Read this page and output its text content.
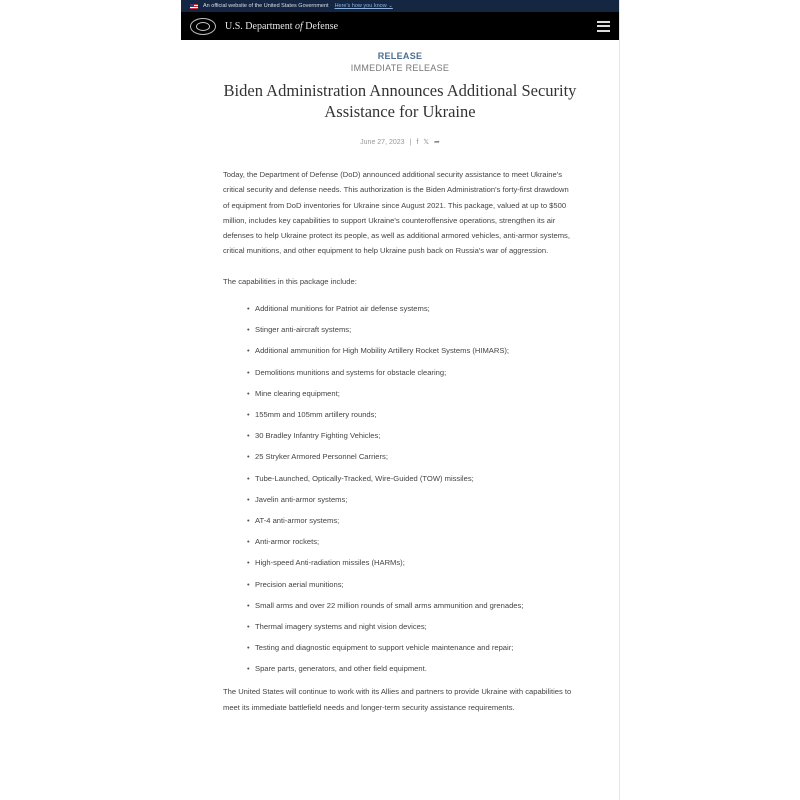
An official website of the United States Government Here's how you know ⌄
U.S. Department of Defense
RELEASE
IMMEDIATE RELEASE
Biden Administration Announces Additional Security Assistance for Ukraine
June 27, 2023 | f 𝕏 ➦

Today, the Department of Defense (DoD) announced additional security assistance to meet Ukraine's critical security and defense needs. This authorization is the Biden Administration's forty-first drawdown of equipment from DoD inventories for Ukraine since August 2021. This package, valued at up to $500 million, includes key capabilities to support Ukraine's counteroffensive operations, strengthen its air defenses to help Ukraine protect its people, as well as additional armored vehicles, anti-armor systems, critical munitions, and other equipment to help Ukraine push back on Russia's war of aggression.

The capabilities in this package include:

• Additional munitions for Patriot air defense systems;
• Stinger anti-aircraft systems;
• Additional ammunition for High Mobility Artillery Rocket Systems (HIMARS);
• Demolitions munitions and systems for obstacle clearing;
• Mine clearing equipment;
• 155mm and 105mm artillery rounds;
• 30 Bradley Infantry Fighting Vehicles;
• 25 Stryker Armored Personnel Carriers;
• Tube-Launched, Optically-Tracked, Wire-Guided (TOW) missiles;
• Javelin anti-armor systems;
• AT-4 anti-armor systems;
• Anti-armor rockets;
• High-speed Anti-radiation missiles (HARMs);
• Precision aerial munitions;
• Small arms and over 22 million rounds of small arms ammunition and grenades;
• Thermal imagery systems and night vision devices;
• Testing and diagnostic equipment to support vehicle maintenance and repair;
• Spare parts, generators, and other field equipment.

The United States will continue to work with its Allies and partners to provide Ukraine with capabilities to meet its immediate battlefield needs and longer-term security assistance requirements.
